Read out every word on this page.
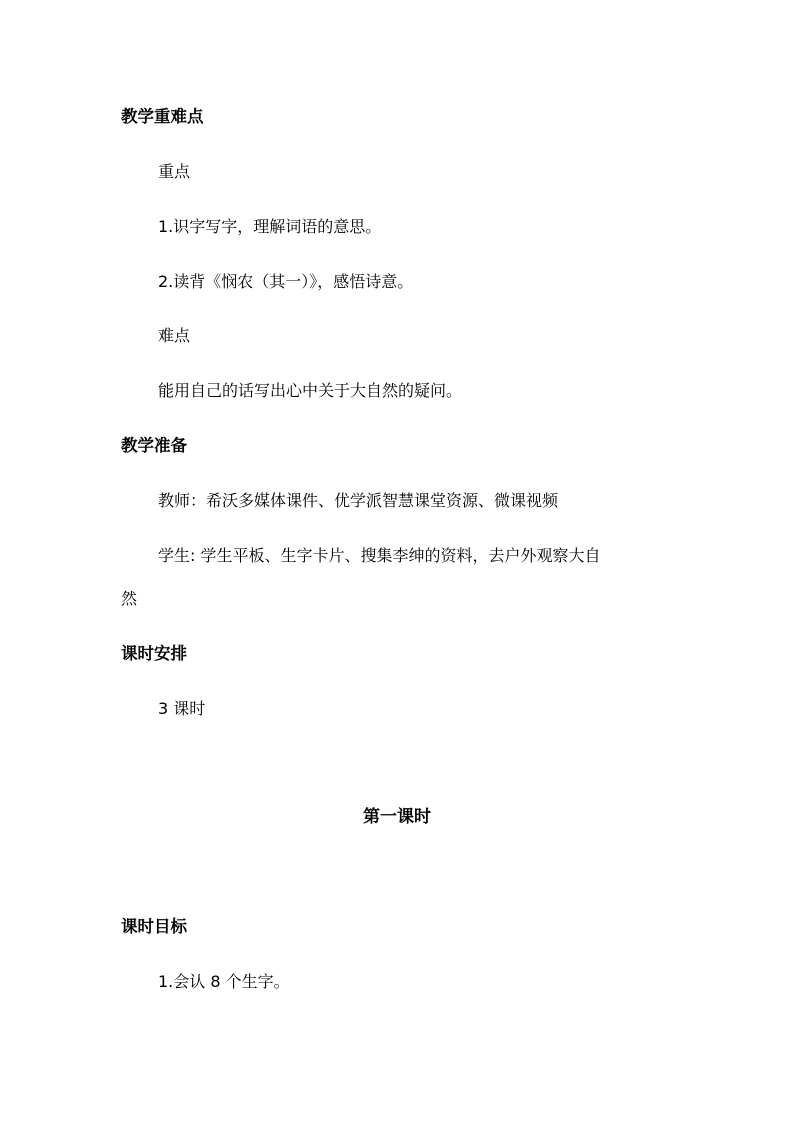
教学重难点
重点
1.识字写字，理解词语的意思。
2.读背《悯农（其一）》，感悟诗意。
难点
能用自己的话写出心中关于大自然的疑问。
教学准备
教师：希沃多媒体课件、优学派智慧课堂资源、微课视频
学生: 学生平板、生字卡片、搜集李绅的资料，去户外观察大自
然
课时安排
3 课时
第一课时
课时目标
1.会认 8 个生字。
